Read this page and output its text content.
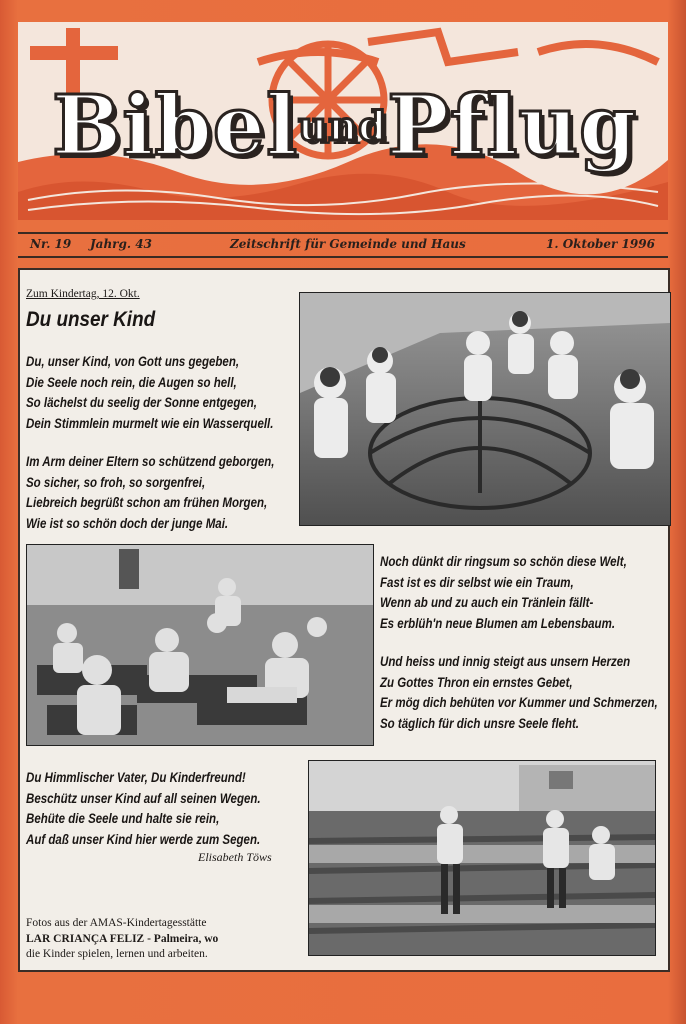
BibelundPflug
Nr. 19 Jahrg. 43	Zeitschrift für Gemeinde und Haus	1. Oktober 1996
Zum Kindertag, 12. Okt.
Du unser Kind
Du, unser Kind, von Gott uns gegeben,
Die Seele noch rein, die Augen so hell,
So lächelst du seelig der Sonne entgegen,
Dein Stimmlein murmelt wie ein Wasserquell.
Im Arm deiner Eltern so schützend geborgen,
So sicher, so froh, so sorgenfrei,
Liebreich begrüßt schon am frühen Morgen,
Wie ist so schön doch der junge Mai.
Noch dünkt dir ringsum so schön diese Welt,
Fast ist es dir selbst wie ein Traum,
Wenn ab und zu auch ein Tränlein fällt-
Es erblüh'n neue Blumen am Lebensbaum.
Und heiss und innig steigt aus unsern Herzen
Zu Gottes Thron ein ernstes Gebet,
Er mög dich behüten vor Kummer und Schmerzen,
So täglich für dich unsre Seele fleht.
Du Himmlischer Vater, Du Kinderfreund!
Beschütz unser Kind auf all seinen Wegen.
Behüte die Seele und halte sie rein,
Auf daß unser Kind hier werde zum Segen.
Elisabeth Töws
Fotos aus der AMAS-Kindertagesstätte
LAR CRIANÇA FELIZ - Palmeira, wo
die Kinder spielen, lernen und arbeiten.
